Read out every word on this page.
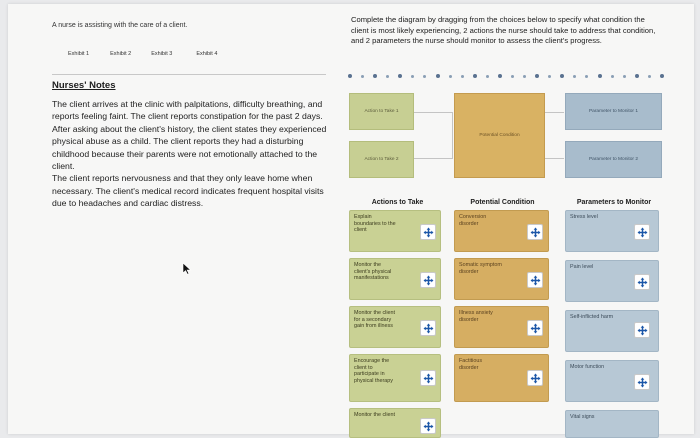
A nurse is assisting with the care of a client.
Exhibit 1	Exhibit 2	Exhibit 3	Exhibit 4
Nurses' Notes

The client arrives at the clinic with palpitations, difficulty breathing, and reports feeling faint. The client reports constipation for the past 2 days. After asking about the client's history, the client states they experienced physical abuse as a child. The client reports they had a disturbing childhood because their parents were not emotionally attached to the client.

The client reports nervousness and that they only leave home when necessary. The client's medical record indicates frequent hospital visits due to headaches and cardiac distress.

Complete the diagram by dragging from the choices below to specify what condition the client is most likely experiencing, 2 actions the nurse should take to address that condition, and 2 parameters the nurse should monitor to assess the client's progress.
Action to Take 1
Action to Take 2
Potential Condition
Parameter to Monitor 1
Parameter to Monitor 2
Actions to Take	Potential Condition	Parameters to Monitor
Explain boundaries to the client
Monitor the client's physical manifestations
Monitor the client for a secondary gain from illness
Encourage the client to participate in physical therapy
Monitor the client
Conversion disorder
Somatic symptom disorder
Illness anxiety disorder
Factitious disorder
Stress level
Pain level
Self-inflicted harm
Motor function
Vital signs
